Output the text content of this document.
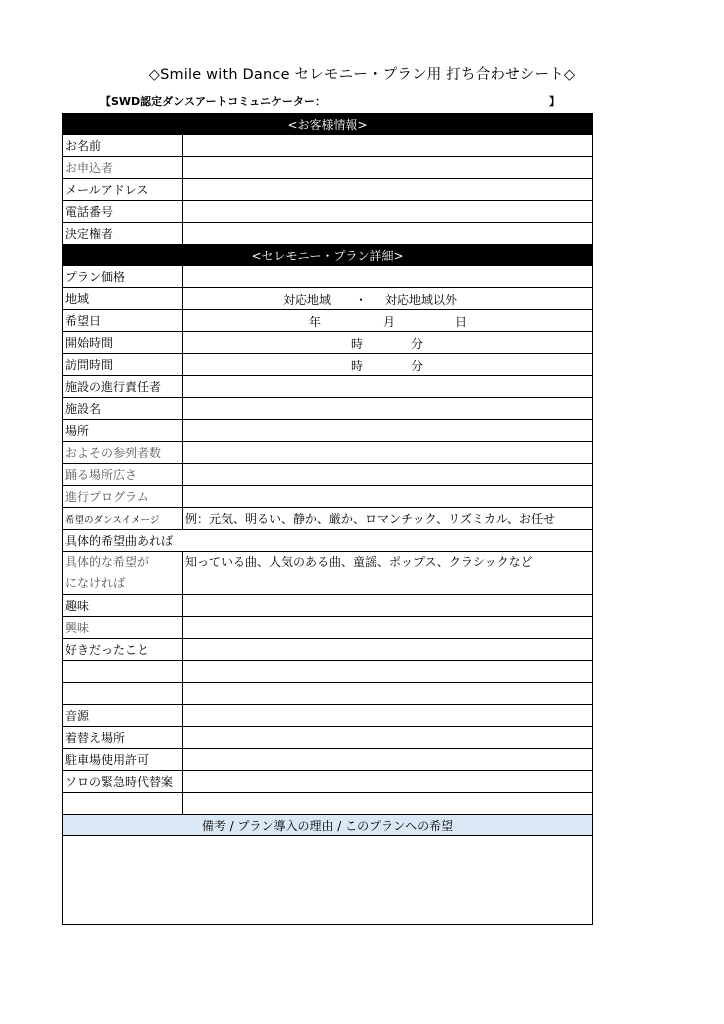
◇Smile with Dance セレモニー・プラン用 打ち合わせシート◇
【SWD認定ダンスアートコミュニケーター：	】
<お客様情報>	
お名前	
お申込者	
メールアドレス	
電話番号	
決定権者	
<セレモニー・プラン詳細>	
プラン価格	
地域	対応地域 ・ 対応地域以外

希望日	年 月 日

開始時間	時 分

訪問時間	時 分

施設の進行責任者	
施設名	
場所	
およその参列者数	
踊る場所広さ	
進行プログラム	
希望のダンスイメージ	例：元気、明るい、静か、厳か、ロマンチック、リズミカル、お任せ
具体的希望曲あれば	

具体的な希望が
になければ	知っている曲、人気のある曲、童謡、ポップス、クラシックなど
趣味	
興味	
好きだったこと	

音源	
着替え場所	
駐車場使用許可	
ソロの緊急時代替案	

備考 / プラン導入の理由 / このプランへの希望	
